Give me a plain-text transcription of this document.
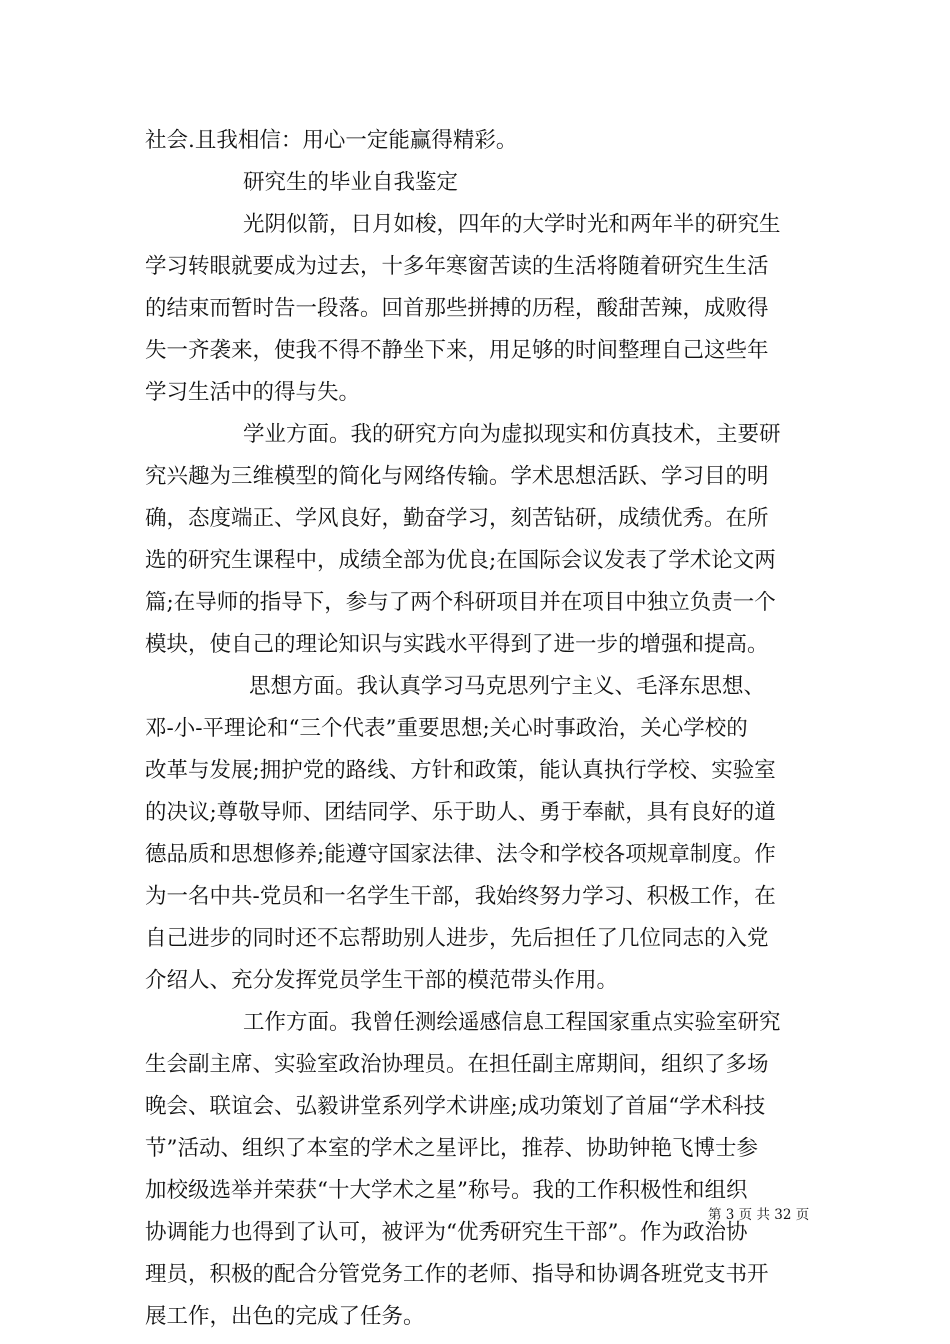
社会.且我相信：用心一定能赢得精彩。
研究生的毕业自我鉴定
光阴似箭，日月如梭，四年的大学时光和两年半的研究生
学习转眼就要成为过去，十多年寒窗苦读的生活将随着研究生生活
的结束而暂时告一段落。回首那些拼搏的历程，酸甜苦辣，成败得
失一齐袭来，使我不得不静坐下来，用足够的时间整理自己这些年
学习生活中的得与失。
学业方面。我的研究方向为虚拟现实和仿真技术，主要研
究兴趣为三维模型的简化与网络传输。学术思想活跃、学习目的明
确，态度端正、学风良好，勤奋学习，刻苦钻研，成绩优秀。在所
选的研究生课程中，成绩全部为优良;在国际会议发表了学术论文两
篇;在导师的指导下，参与了两个科研项目并在项目中独立负责一个
模块，使自己的理论知识与实践水平得到了进一步的增强和提高。
思想方面。我认真学习马克思列宁主义、毛泽东思想、
邓-小-平理论和“三个代表”重要思想;关心时事政治，关心学校的
改革与发展;拥护党的路线、方针和政策，能认真执行学校、实验室
的决议;尊敬导师、团结同学、乐于助人、勇于奉献，具有良好的道
德品质和思想修养;能遵守国家法律、法令和学校各项规章制度。作
为一名中共-党员和一名学生干部，我始终努力学习、积极工作，在
自己进步的同时还不忘帮助别人进步，先后担任了几位同志的入党
介绍人、充分发挥党员学生干部的模范带头作用。
工作方面。我曾任测绘遥感信息工程国家重点实验室研究
生会副主席、实验室政治协理员。在担任副主席期间，组织了多场
晚会、联谊会、弘毅讲堂系列学术讲座;成功策划了首届“学术科技
节”活动、组织了本室的学术之星评比，推荐、协助钟艳飞博士参
加校级选举并荣获“十大学术之星”称号。我的工作积极性和组织
协调能力也得到了认可，被评为“优秀研究生干部”。作为政治协
理员，积极的配合分管党务工作的老师、指导和协调各班党支书开
展工作，出色的完成了任务。
第 3 页 共 32 页
